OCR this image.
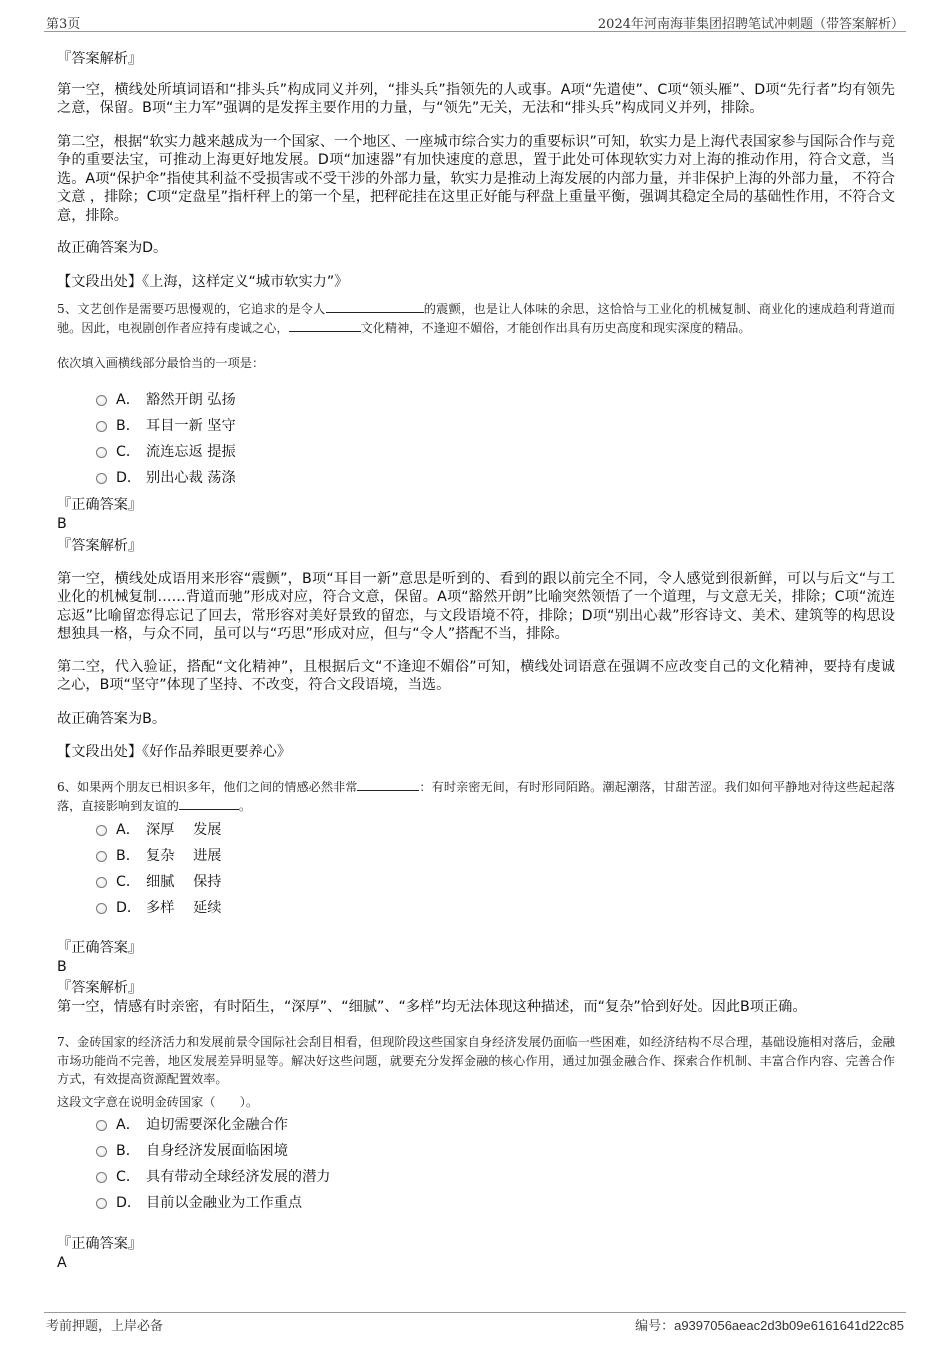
第3页	2024年河南海菲集团招聘笔试冲刺题（带答案解析）

『答案解析』

第一空，横线处所填词语和“排头兵”构成同义并列，“排头兵”指领先的人或事。A项“先遣使”、C项“领头雁”、D项“先行者”均有领先之意，保留。B项“主力军”强调的是发挥主要作用的力量，与“领先”无关，无法和“排头兵”构成同义并列，排除。

第二空，根据“软实力越来越成为一个国家、一个地区、一座城市综合实力的重要标识”可知，软实力是上海代表国家参与国际合作与竞争的重要法宝，可推动上海更好地发展。D项“加速器”有加快速度的意思，置于此处可体现软实力对上海的推动作用，符合文意，当选。A项“保护伞”指使其利益不受损害或不受干涉的外部力量，软实力是推动上海发展的内部力量，并非保护上海的外部力量， 不符合文意 ，排除；C项“定盘星”指杆秤上的第一个星，把秤砣挂在这里正好能与秤盘上重量平衡，强调其稳定全局的基础性作用，不符合文意，排除。

故正确答案为D。

【文段出处】《上海，这样定义“城市软实力”》

5、文艺创作是需要巧思慢观的，它追求的是令人	的震颤，也是让人体味的余思，这恰恰与工业化的机械复制、商业化的速成趋利背道而驰。因此，电视剧创作者应持有虔诚之心，	文化精神，不逢迎不媚俗，才能创作出具有历史高度和现实深度的精品。

依次填入画横线部分最恰当的一项是：

A． 豁然开朗 弘扬
B． 耳目一新 坚守
C． 流连忘返 提振
D． 别出心裁 荡涤

『正确答案』

B

『答案解析』

第一空，横线处成语用来形容“震颤”，B项“耳目一新”意思是听到的、看到的跟以前完全不同，令人感觉到很新鲜，可以与后文“与工业化的机械复制……背道而驰”形成对应，符合文意，保留。A项“豁然开朗”比喻突然领悟了一个道理，与文意无关，排除；C项“流连忘返”比喻留恋得忘记了回去，常形容对美好景致的留恋，与文段语境不符，排除；D项“别出心裁”形容诗文、美术、建筑等的构思设想独具一格，与众不同，虽可以与“巧思”形成对应，但与“令人”搭配不当，排除。

第二空，代入验证，搭配“文化精神”，且根据后文“不逢迎不媚俗”可知，横线处词语意在强调不应改变自己的文化精神，要持有虔诚之心，B项“坚守”体现了坚持、不改变，符合文段语境，当选。

故正确答案为B。

【文段出处】《好作品养眼更要养心》

6、如果两个朋友已相识多年，他们之间的情感必然非常	：有时亲密无间，有时形同陌路。潮起潮落，甘甜苦涩。我们如何平静地对待这些起起落落，直接影响到友谊的	。

A． 深厚　 发展
B． 复杂　 进展
C． 细腻　 保持
D． 多样　 延续

『正确答案』

B

『答案解析』

第一空，情感有时亲密，有时陌生，“深厚”、“细腻”、“多样”均无法体现这种描述，而“复杂”恰到好处。因此B项正确。

7、金砖国家的经济活力和发展前景令国际社会刮目相看，但现阶段这些国家自身经济发展仍面临一些困难，如经济结构不尽合理，基础设施相对落后，金融市场功能尚不完善，地区发展差异明显等。解决好这些问题，就要充分发挥金融的核心作用，通过加强金融合作、探索合作机制、丰富合作内容、完善合作方式，有效提高资源配置效率。

这段文字意在说明金砖国家（　　）。

A． 迫切需要深化金融合作
B． 自身经济发展面临困境
C． 具有带动全球经济发展的潜力
D． 目前以金融业为工作重点

『正确答案』

A

考前押题，上岸必备	编号：a9397056aeac2d3b09e6161641d22c85
